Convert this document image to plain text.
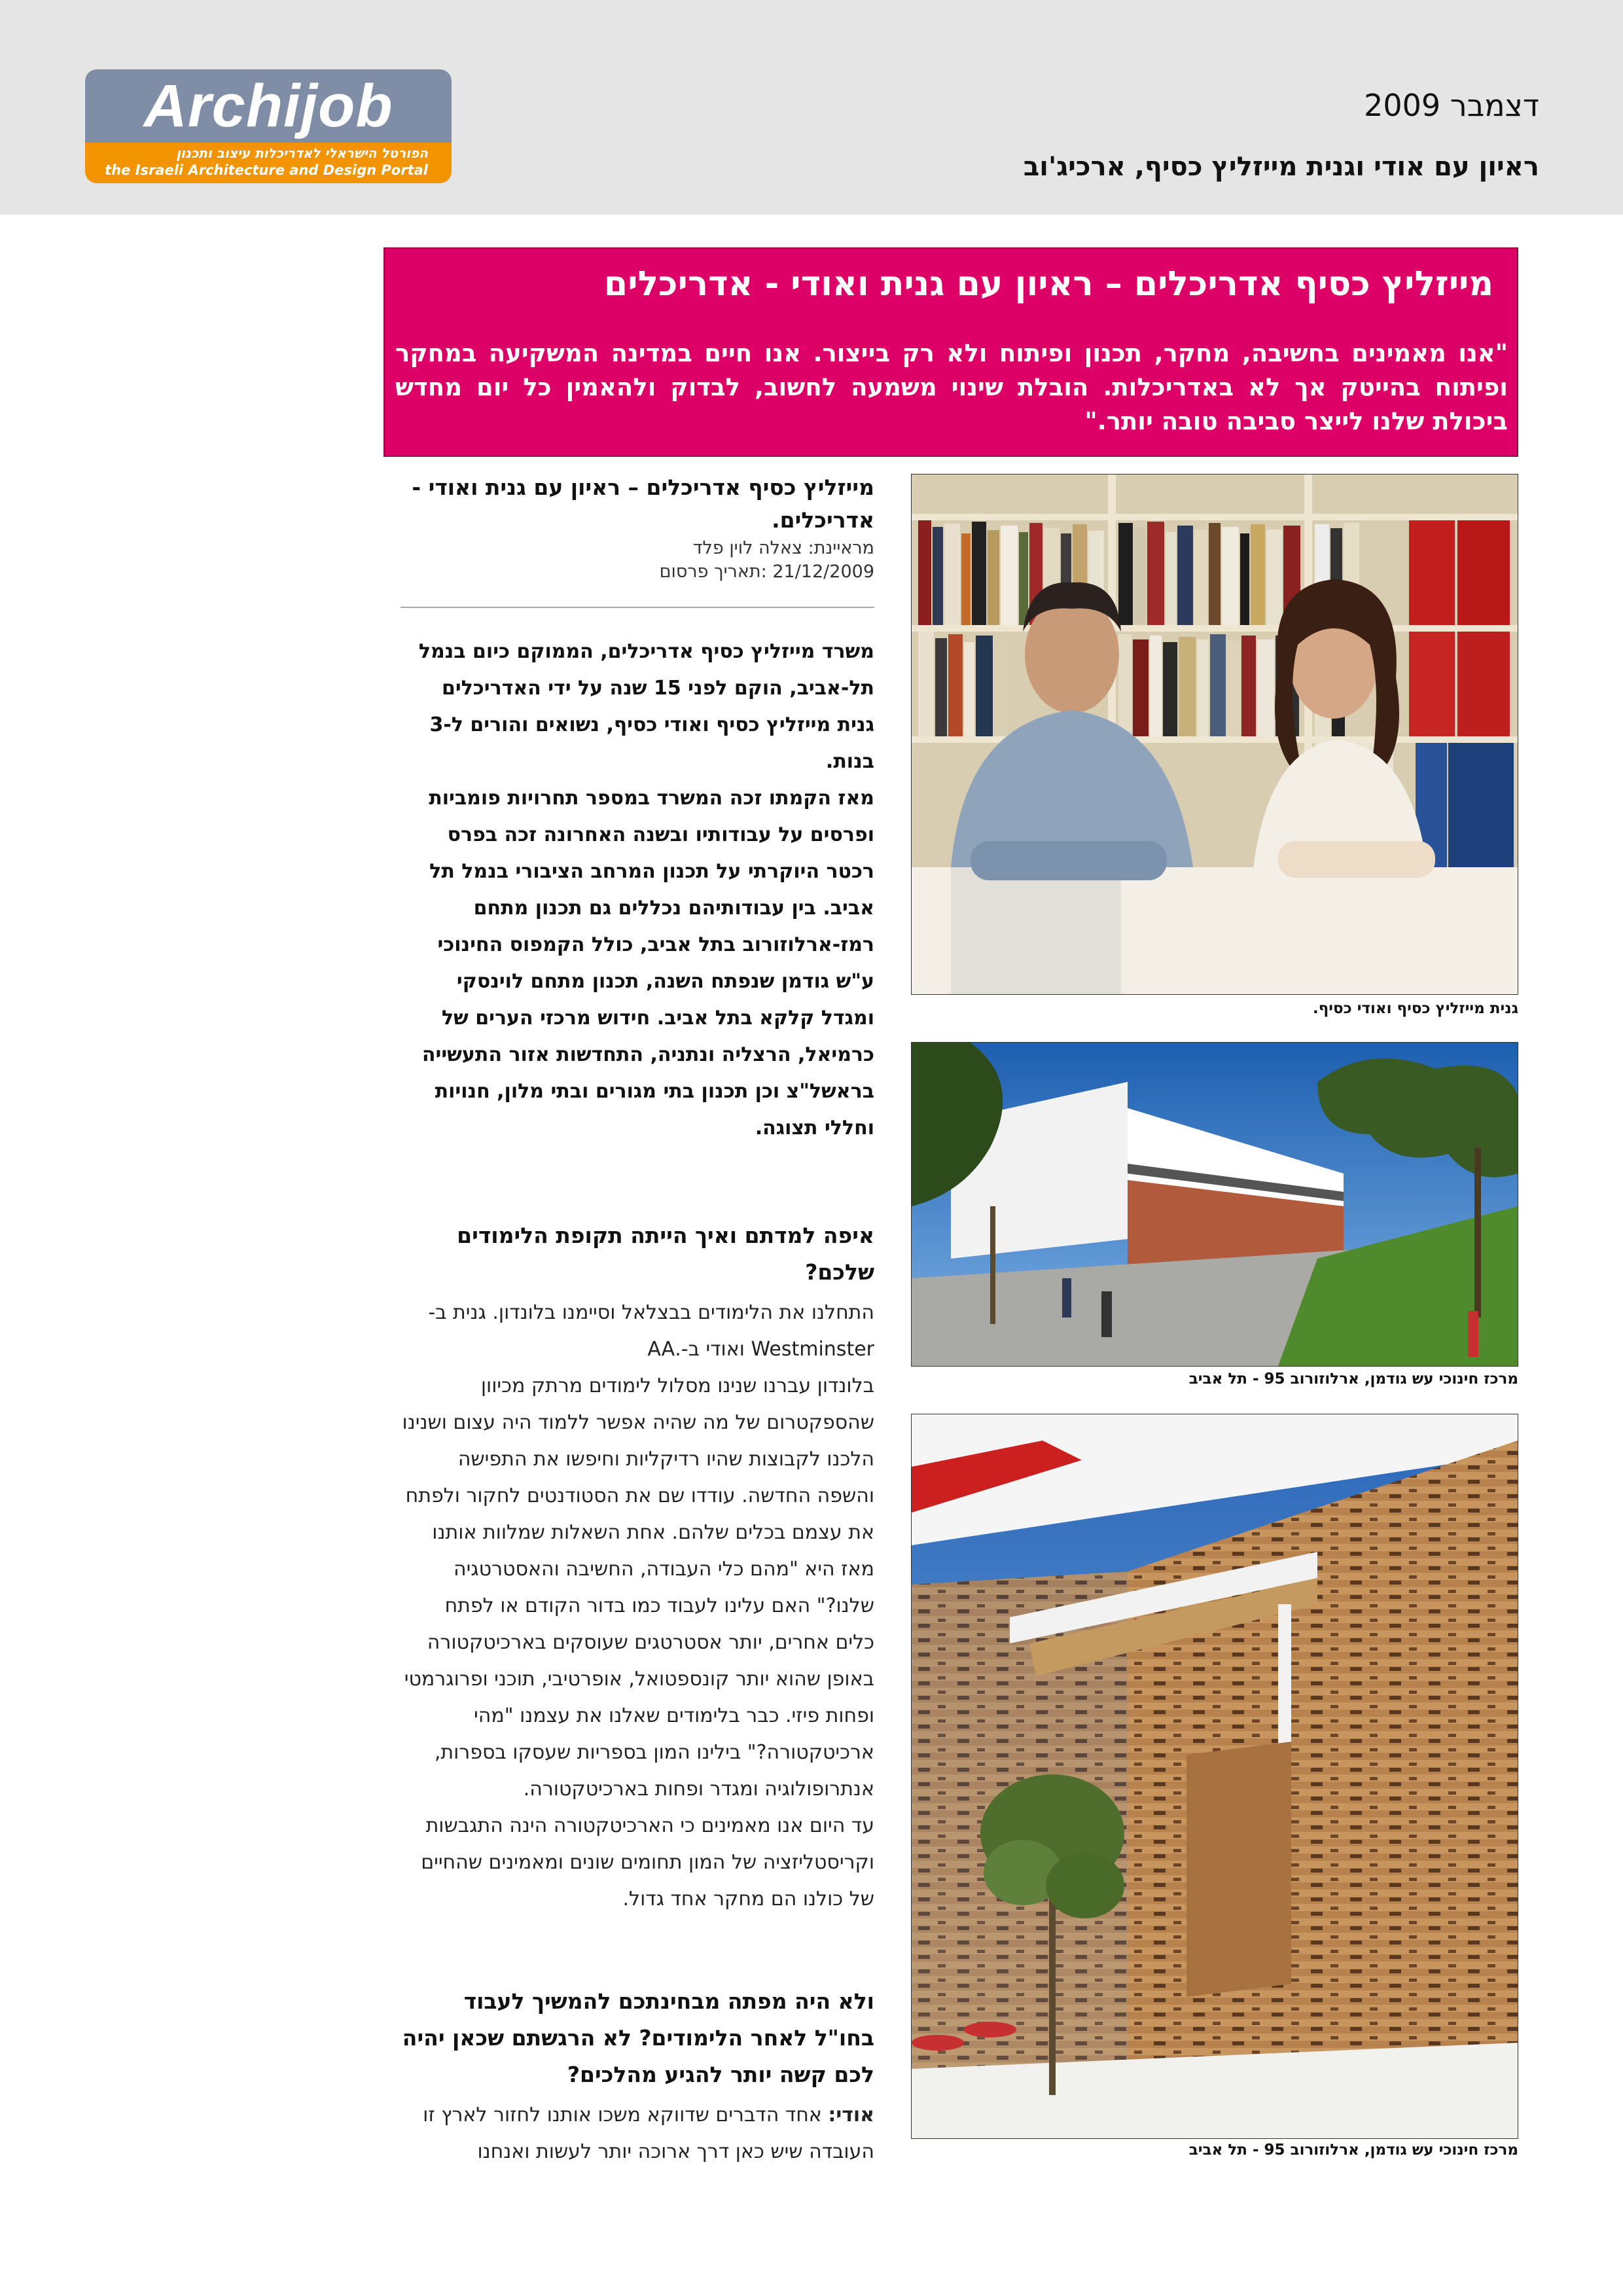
Archijob
הפורטל הישראלי לאדריכלות עיצוב ותכנון
the Israeli Architecture and Design Portal
דצמבר 2009
ראיון עם אודי וגנית מייזליץ כסיף, ארכיג'וב
מייזליץ כסיף אדריכלים – ראיון עם גנית ואודי - אדריכלים
"אנו מאמינים בחשיבה, מחקר, תכנון ופיתוח ולא רק בייצור. אנו חיים במדינה המשקיעה במחקר ופיתוח בהייטק אך לא באדריכלות. הובלת שינוי משמעה לחשוב, לבדוק ולהאמין כל יום מחדש ביכולת שלנו לייצר סביבה טובה יותר."
מייזליץ כסיף אדריכלים – ראיון עם גנית ואודי - אדריכלים.
מראיינת: צאלה לוין פלד
תאריך פרסום: 21/12/2009

משרד מייזליץ כסיף אדריכלים, הממוקם כיום בנמל תל-אביב, הוקם לפני 15 שנה על ידי האדריכלים גנית מייזליץ כסיף ואודי כסיף, נשואים והורים ל-3 בנות.

מאז הקמתו זכה המשרד במספר תחרויות פומביות ופרסים על עבודותיו ובשנה האחרונה זכה בפרס רכטר היוקרתי על תכנון המרחב הציבורי בנמל תל אביב. בין עבודותיהם נכללים גם תכנון מתחם רמז-ארלוזורוב בתל אביב, כולל הקמפוס החינוכי ע"ש גודמן שנפתח השנה, תכנון מתחם לוינסקי ומגדל קלקא בתל אביב. חידוש מרכזי הערים של כרמיאל, הרצליה ונתניה, התחדשות אזור התעשייה בראשל"צ וכן תכנון בתי מגורים ובתי מלון, חנויות וחללי תצוגה.

איפה למדתם ואיך הייתה תקופת הלימודים שלכם?

התחלנו את הלימודים בבצלאל וסיימנו בלונדון. גנית ב-Westminster ואודי ב-.AA

בלונדון עברנו שנינו מסלול לימודים מרתק מכיוון שהספקטרום של מה שהיה אפשר ללמוד היה עצום ושנינו הלכנו לקבוצות שהיו רדיקליות וחיפשו את התפישה והשפה החדשה. עודדו שם את הסטודנטים לחקור ולפתח את עצמם בכלים שלהם. אחת השאלות שמלוות אותנו מאז היא "מהם כלי העבודה, החשיבה והאסטרטגיה שלנו?" האם עלינו לעבוד כמו בדור הקודם או לפתח כלים אחרים, יותר אסטרטגים שעוסקים בארכיטקטורה באופן שהוא יותר קונספטואל, אופרטיבי, תוכני ופרוגרמטי ופחות פיזי. כבר בלימודים שאלנו את עצמנו "מהי ארכיטקטורה?" בילינו המון בספריות שעסקו בספרות, אנתרופולוגיה ומגדר ופחות בארכיטקטורה.

עד היום אנו מאמינים כי הארכיטקטורה הינה התגבשות וקריסטליזציה של המון תחומים שונים ומאמינים שהחיים של כולנו הם מחקר אחד גדול.

ולא היה מפתה מבחינתכם להמשיך לעבוד בחו"ל לאחר הלימודים? לא הרגשתם שכאן יהיה לכם קשה יותר להגיע מהלכים?
אודי: אחד הדברים שדווקא משכו אותנו לחזור לארץ זו העובדה שיש כאן דרך ארוכה יותר לעשות ואנחנו
גנית מייזליץ כסיף ואודי כסיף.
מרכז חינוכי עש גודמן, ארלוזורוב 95 - תל אביב
מרכז חינוכי עש גודמן, ארלוזורוב 95 - תל אביב
